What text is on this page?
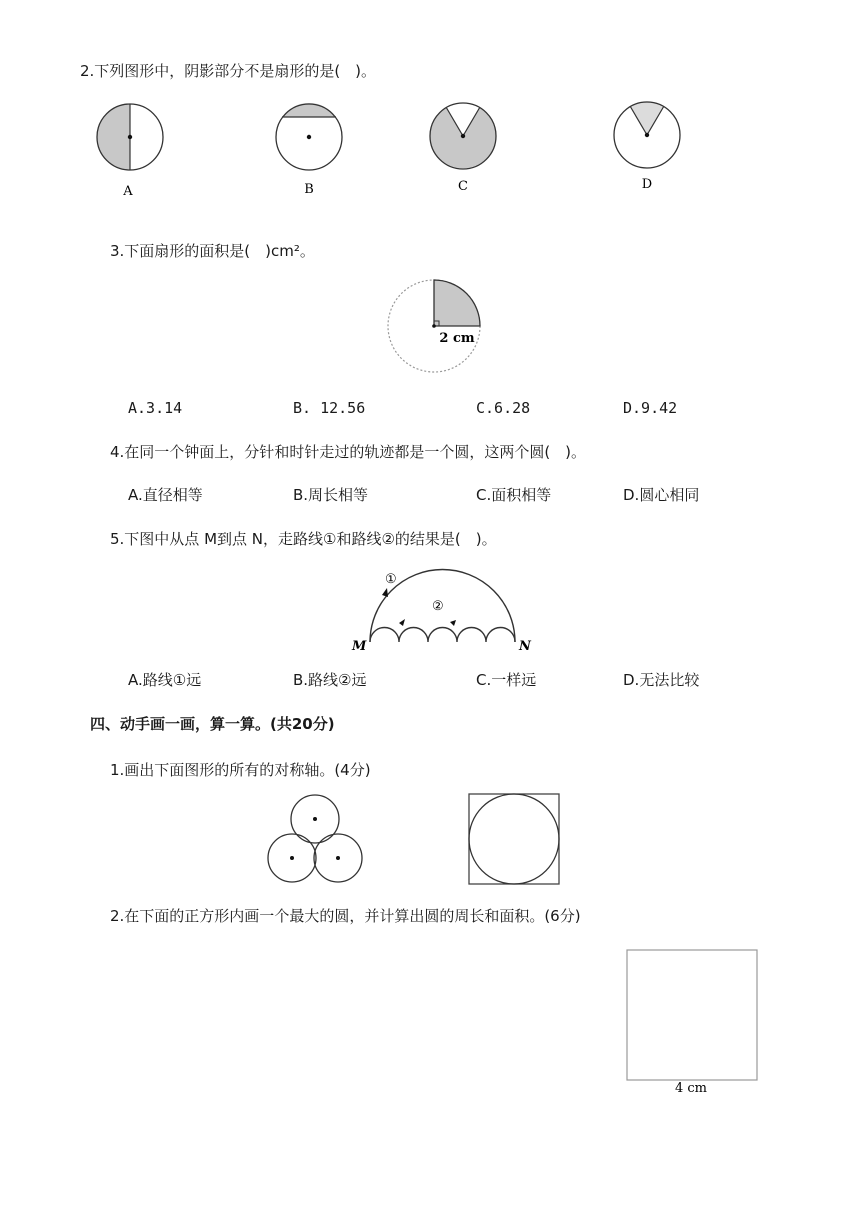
2.下列图形中，阴影部分不是扇形的是(　)。
A	B	C	D
3.下面扇形的面积是(　)cm²。
2 cm
A.3.14	B. 12.56	C.6.28	D.9.42
4.在同一个钟面上，分针和时针走过的轨迹都是一个圆，这两个圆(　)。
A.直径相等	B.周长相等	C.面积相等	D.圆心相同
5.下图中从点 M到点 N，走路线①和路线②的结果是(　)。
①
②
M	N
A.路线①远	B.路线②远	C.一样远	D.无法比较
四、动手画一画，算一算。(共20分)
1.画出下面图形的所有的对称轴。(4分)
2.在下面的正方形内画一个最大的圆，并计算出圆的周长和面积。(6分)
4 cm
